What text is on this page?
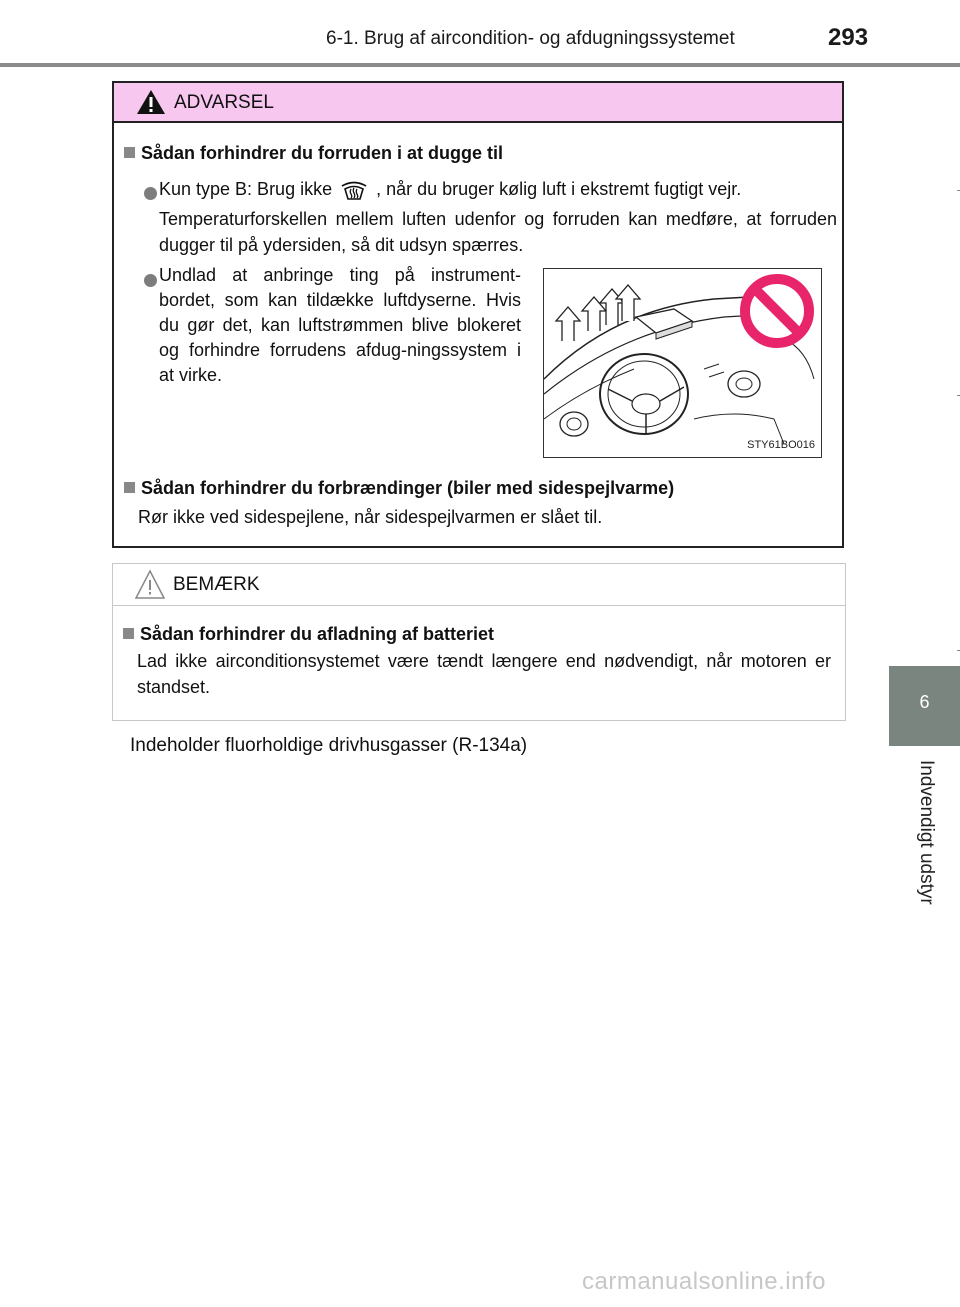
6-1. Brug af aircondition- og afdugningssystemet	293
6
Indvendigt udstyr
ADVARSEL
Sådan forhindrer du forruden i at dugge til
Kun type B: Brug ikke , når du bruger kølig luft i ekstremt fugtigt vejr.
Temperaturforskellen mellem luften udenfor og forruden kan medføre, at forruden dugger til på ydersiden, så dit udsyn spærres.
Undlad at anbringe ting på instrument-bordet, som kan tildække luftdyserne. Hvis du gør det, kan luftstrømmen blive blokeret og forhindre forrudens afdug-ningssystem i at virke.
Sådan forhindrer du forbrændinger (biler med sidespejlvarme)
Rør ikke ved sidespejlene, når sidespejlvarmen er slået til.
STY61BO016
BEMÆRK
Sådan forhindrer du afladning af batteriet
Lad ikke airconditionsystemet være tændt længere end nødvendigt, når motoren er standset.
Indeholder fluorholdige drivhusgasser (R-134a)
carmanualsonline.info
